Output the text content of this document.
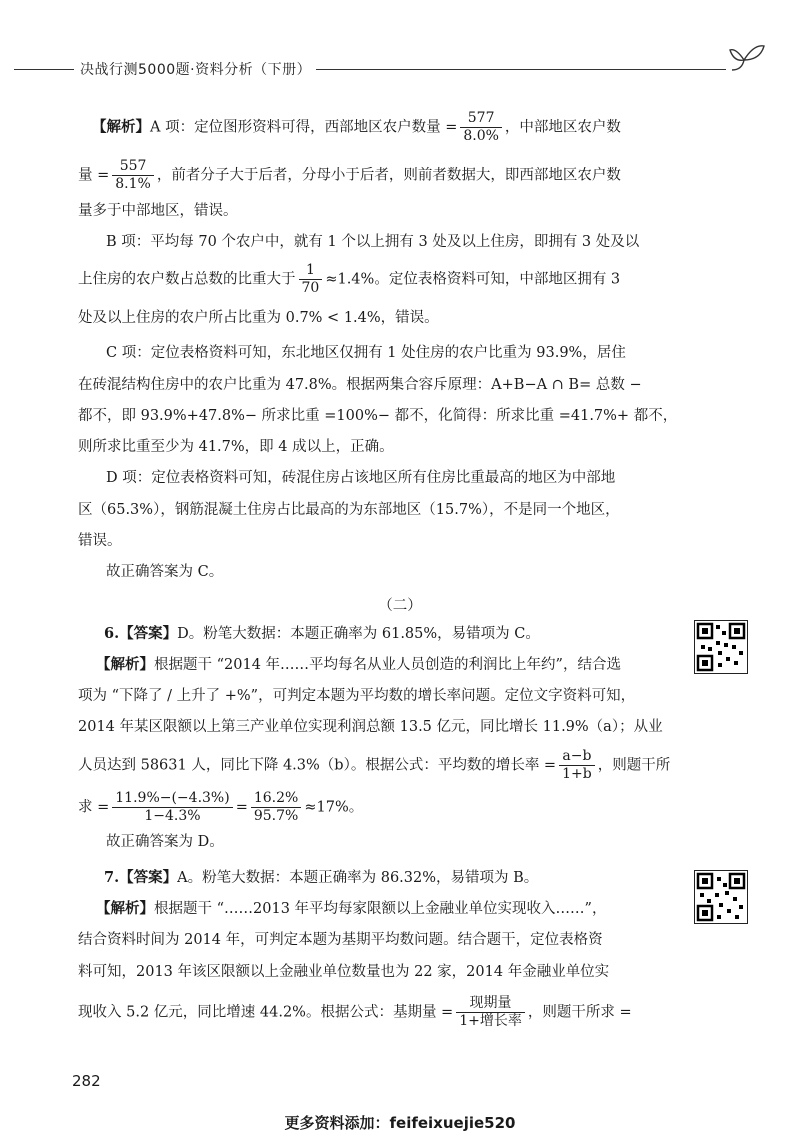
决战行测5000题·资料分析（下册）
【解析】A 项：定位图形资料可得，西部地区农户数量 = $\frac{577}{8.0\%}$ ，中部地区农户数
量 = $\frac{557}{8.1\%}$ ，前者分子大于后者，分母小于后者，则前者数据大，即西部地区农户数
量多于中部地区，错误。
B 项：平均每 70 个农户中，就有 1 个以上拥有 3 处及以上住房，即拥有 3 处及以
上住房的农户数占总数的比重大于 $\frac{1}{70} \approx 1.4\%$。定位表格资料可知，中部地区拥有 3
处及以上住房的农户所占比重为 0.7% < 1.4%，错误。
C 项：定位表格资料可知，东北地区仅拥有 1 处住房的农户比重为 93.9%，居住
在砖混结构住房中的农户比重为 47.8%。根据两集合容斥原理：A+B−A ∩ B= 总数 −
都不，即 93.9%+47.8%− 所求比重 =100%− 都不，化简得：所求比重 =41.7%+ 都不，
则所求比重至少为 41.7%，即 4 成以上，正确。
D 项：定位表格资料可知，砖混住房占该地区所有住房比重最高的地区为中部地
区（65.3%），钢筋混凝土住房占比最高的为东部地区（15.7%），不是同一个地区，
错误。
故正确答案为 C。
（二）
6.【答案】D。粉笔大数据：本题正确率为 61.85%，易错项为 C。
【解析】根据题干 “2014 年……平均每名从业人员创造的利润比上年约”，结合选
项为 “下降了 / 上升了 +%”，可判定本题为平均数的增长率问题。定位文字资料可知，
2014 年某区限额以上第三产业单位实现利润总额 13.5 亿元，同比增长 11.9%（a）；从业
人员达到 58631 人，同比下降 4.3%（b）。根据公式：平均数的增长率 = $\frac{a-b}{1+b}$ ，则题干所
求 = $\frac{11.9\%-(-4.3\%)}{1-4.3\%} = \frac{16.2\%}{95.7\%} \approx 17\%$。
故正确答案为 D。
7.【答案】A。粉笔大数据：本题正确率为 86.32%，易错项为 B。
【解析】根据题干 “……2013 年平均每家限额以上金融业单位实现收入……”，
结合资料时间为 2014 年，可判定本题为基期平均数问题。结合题干，定位表格资
料可知，2013 年该区限额以上金融业单位数量也为 22 家，2014 年金融业单位实
现收入 5.2 亿元，同比增速 44.2%。根据公式：基期量 = $\frac{\text{现期量}}{\text{1+增长率}}$ ，则题干所求 =
282
更多资料添加：feifeixuejie520
